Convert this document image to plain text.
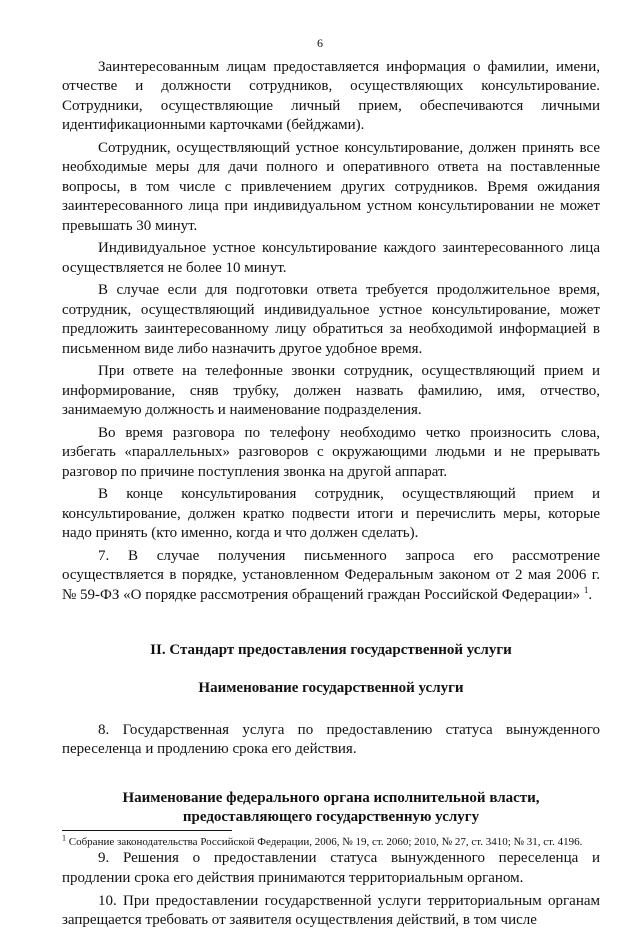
6

Заинтересованным лицам предоставляется информация о фамилии, имени, отчестве и должности сотрудников, осуществляющих консультирование. Сотрудники, осуществляющие личный прием, обеспечиваются личными идентификационными карточками (бейджами).

Сотрудник, осуществляющий устное консультирование, должен принять все необходимые меры для дачи полного и оперативного ответа на поставленные вопросы, в том числе с привлечением других сотрудников. Время ожидания заинтересованного лица при индивидуальном устном консультировании не может превышать 30 минут.

Индивидуальное устное консультирование каждого заинтересованного лица осуществляется не более 10 минут.

В случае если для подготовки ответа требуется продолжительное время, сотрудник, осуществляющий индивидуальное устное консультирование, может предложить заинтересованному лицу обратиться за необходимой информацией в письменном виде либо назначить другое удобное время.

При ответе на телефонные звонки сотрудник, осуществляющий прием и информирование, сняв трубку, должен назвать фамилию, имя, отчество, занимаемую должность и наименование подразделения.

Во время разговора по телефону необходимо четко произносить слова, избегать «параллельных» разговоров с окружающими людьми и не прерывать разговор по причине поступления звонка на другой аппарат.

В конце консультирования сотрудник, осуществляющий прием и консультирование, должен кратко подвести итоги и перечислить меры, которые надо принять (кто именно, когда и что должен сделать).

7. В случае получения письменного запроса его рассмотрение осуществляется в порядке, установленном Федеральным законом от 2 мая 2006 г. № 59-ФЗ «О порядке рассмотрения обращений граждан Российской Федерации» $^1$.

II. Стандарт предоставления государственной услуги
Наименование государственной услуги

8. Государственная услуга по предоставлению статуса вынужденного переселенца и продлению срока его действия.

Наименование федерального органа исполнительной власти,
предоставляющего государственную услугу

9. Решения о предоставлении статуса вынужденного переселенца и продлении срока его действия принимаются территориальным органом.

10. При предоставлении государственной услуги территориальным органам запрещается требовать от заявителя осуществления действий, в том числе

$^1$ Собрание законодательства Российской Федерации, 2006, № 19, ст. 2060; 2010, № 27, ст. 3410; № 31, ст. 4196.
